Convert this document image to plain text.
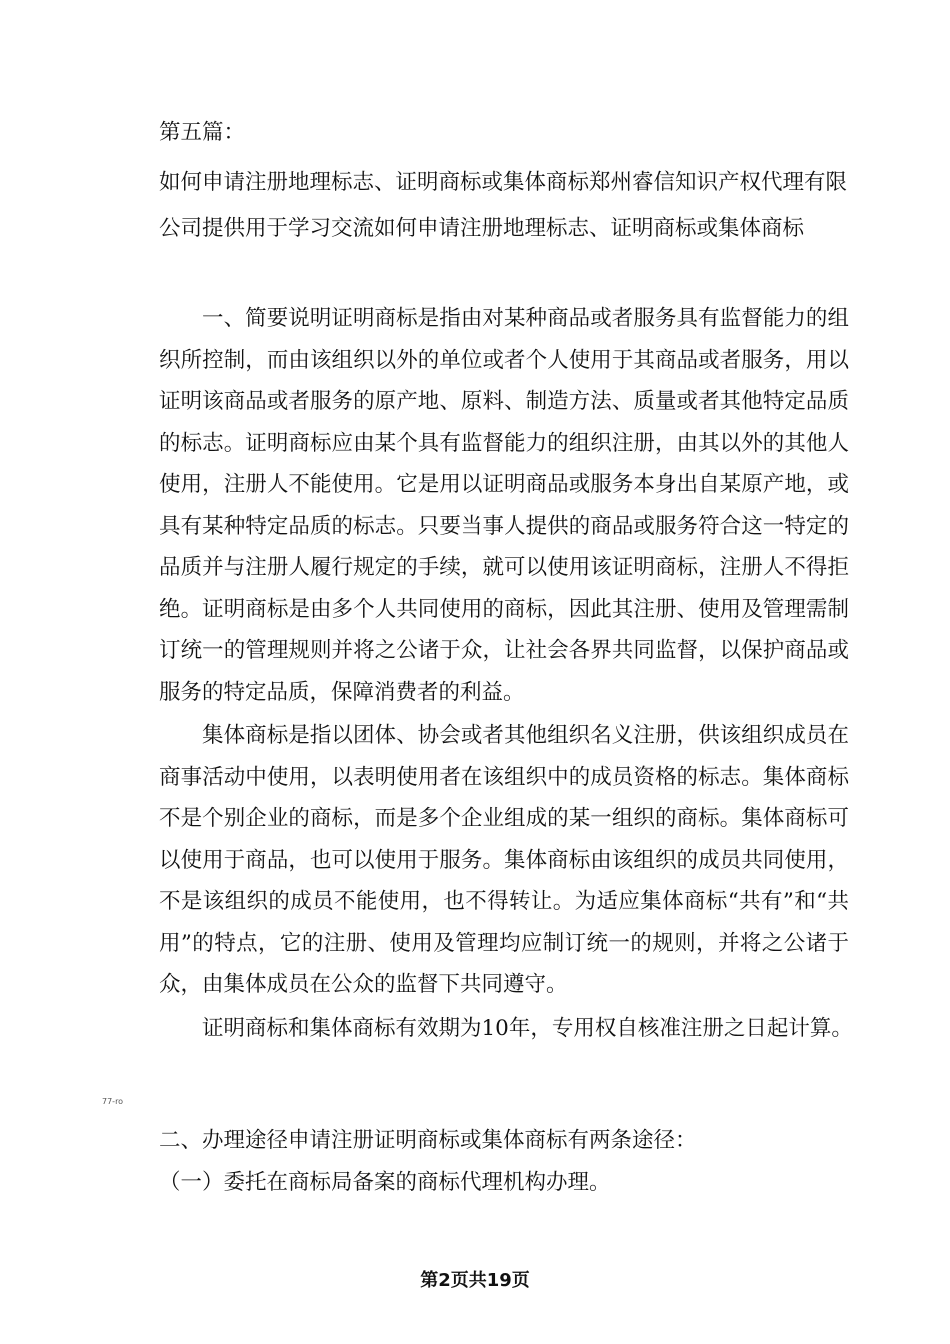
第五篇：
如何申请注册地理标志、证明商标或集体商标郑州睿信知识产权代理有限公司提供用于学习交流如何申请注册地理标志、证明商标或集体商标

一、简要说明证明商标是指由对某种商品或者服务具有监督能力的组织所控制，而由该组织以外的单位或者个人使用于其商品或者服务，用以证明该商品或者服务的原产地、原料、制造方法、质量或者其他特定品质的标志。证明商标应由某个具有监督能力的组织注册，由其以外的其他人使用，注册人不能使用。它是用以证明商品或服务本身出自某原产地，或具有某种特定品质的标志。只要当事人提供的商品或服务符合这一特定的品质并与注册人履行规定的手续，就可以使用该证明商标，注册人不得拒绝。证明商标是由多个人共同使用的商标，因此其注册、使用及管理需制订统一的管理规则并将之公诸于众，让社会各界共同监督，以保护商品或服务的特定品质，保障消费者的利益。

集体商标是指以团体、协会或者其他组织名义注册，供该组织成员在商事活动中使用，以表明使用者在该组织中的成员资格的标志。集体商标不是个别企业的商标，而是多个企业组成的某一组织的商标。集体商标可以使用于商品，也可以使用于服务。集体商标由该组织的成员共同使用，不是该组织的成员不能使用，也不得转让。为适应集体商标“共有”和“共用”的特点，它的注册、使用及管理均应制订统一的规则，并将之公诸于众，由集体成员在公众的监督下共同遵守。

证明商标和集体商标有效期为10年，专用权自核准注册之日起计算。

77-ro
二、办理途径申请注册证明商标或集体商标有两条途径：
（一）委托在商标局备案的商标代理机构办理。
第2页共19页
